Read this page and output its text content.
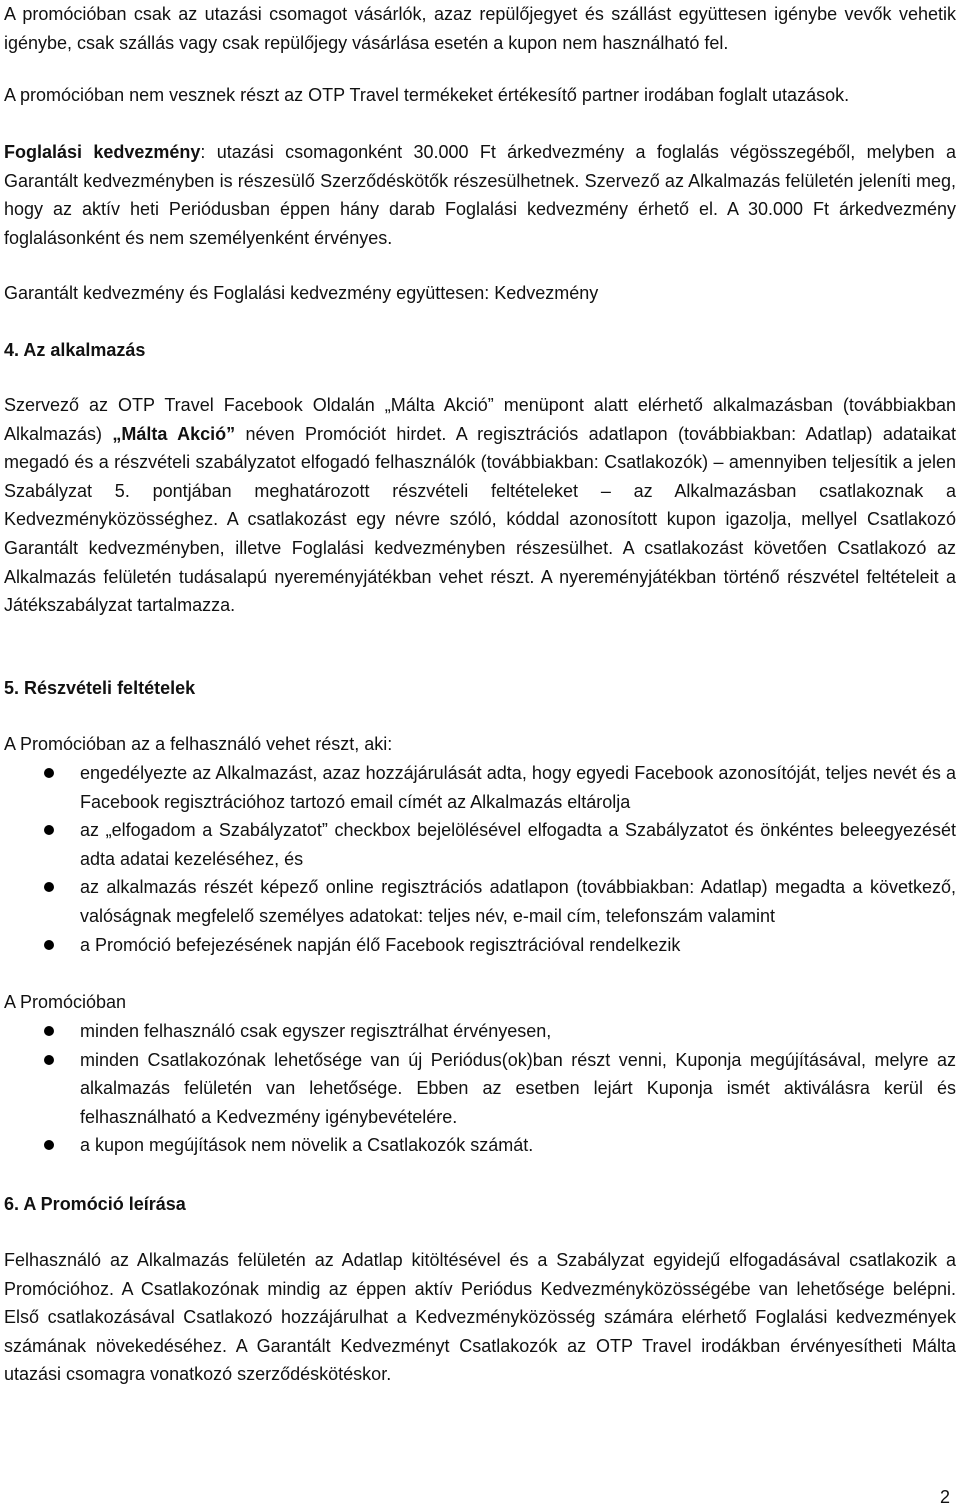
A promócióban csak az utazási csomagot vásárlók, azaz repülőjegyet és szállást együttesen igénybe vevők vehetik igénybe, csak szállás vagy csak repülőjegy vásárlása esetén a kupon nem használható fel.

A promócióban nem vesznek részt az OTP Travel termékeket értékesítő partner irodában foglalt utazások.

Foglalási kedvezmény: utazási csomagonként 30.000 Ft árkedvezmény a foglalás végösszegéből, melyben a Garantált kedvezményben is részesülő Szerződéskötők részesülhetnek. Szervező az Alkalmazás felületén jeleníti meg, hogy az aktív heti Periódusban éppen hány darab Foglalási kedvezmény érhető el. A 30.000 Ft árkedvezmény foglalásonként és nem személyenként érvényes.

Garantált kedvezmény és Foglalási kedvezmény együttesen: Kedvezmény

4. Az alkalmazás

Szervező az OTP Travel Facebook Oldalán „Málta Akció” menüpont alatt elérhető alkalmazásban (továbbiakban Alkalmazás) „Málta Akció” néven Promóciót hirdet. A regisztrációs adatlapon (továbbiakban: Adatlap) adataikat megadó és a részvételi szabályzatot elfogadó felhasználók (továbbiakban: Csatlakozók) – amennyiben teljesítik a jelen Szabályzat 5. pontjában meghatározott részvételi feltételeket – az Alkalmazásban csatlakoznak a Kedvezményközösséghez. A csatlakozást egy névre szóló, kóddal azonosított kupon igazolja, mellyel Csatlakozó Garantált kedvezményben, illetve Foglalási kedvezményben részesülhet. A csatlakozást követően Csatlakozó az Alkalmazás felületén tudásalapú nyereményjátékban vehet részt. A nyereményjátékban történő részvétel feltételeit a Játékszabályzat tartalmazza.

5. Részvételi feltételek

A Promócióban az a felhasználó vehet részt, aki:

engedélyezte az Alkalmazást, azaz hozzájárulását adta, hogy egyedi Facebook azonosítóját, teljes nevét és a Facebook regisztrációhoz tartozó email címét az Alkalmazás eltárolja
az „elfogadom a Szabályzatot” checkbox bejelölésével elfogadta a Szabályzatot és önkéntes beleegyezését adta adatai kezeléséhez, és
az alkalmazás részét képező online regisztrációs adatlapon (továbbiakban: Adatlap) megadta a következő, valóságnak megfelelő személyes adatokat: teljes név, e-mail cím, telefonszám valamint
a Promóció befejezésének napján élő Facebook regisztrációval rendelkezik

A Promócióban

minden felhasználó csak egyszer regisztrálhat érvényesen,
minden Csatlakozónak lehetősége van új Periódus(ok)ban részt venni, Kuponja megújításával, melyre az alkalmazás felületén van lehetősége. Ebben az esetben lejárt Kuponja ismét aktiválásra kerül és felhasználható a Kedvezmény igénybevételére.
a kupon megújítások nem növelik a Csatlakozók számát.
6. A Promóció leírása

Felhasználó az Alkalmazás felületén az Adatlap kitöltésével és a Szabályzat egyidejű elfogadásával csatlakozik a Promócióhoz. A Csatlakozónak mindig az éppen aktív Periódus Kedvezményközösségébe van lehetősége belépni. Első csatlakozásával Csatlakozó hozzájárulhat a Kedvezményközösség számára elérhető Foglalási kedvezmények számának növekedéséhez. A Garantált Kedvezményt Csatlakozók az OTP Travel irodákban érvényesítheti Málta utazási csomagra vonatkozó szerződéskötéskor.

2
